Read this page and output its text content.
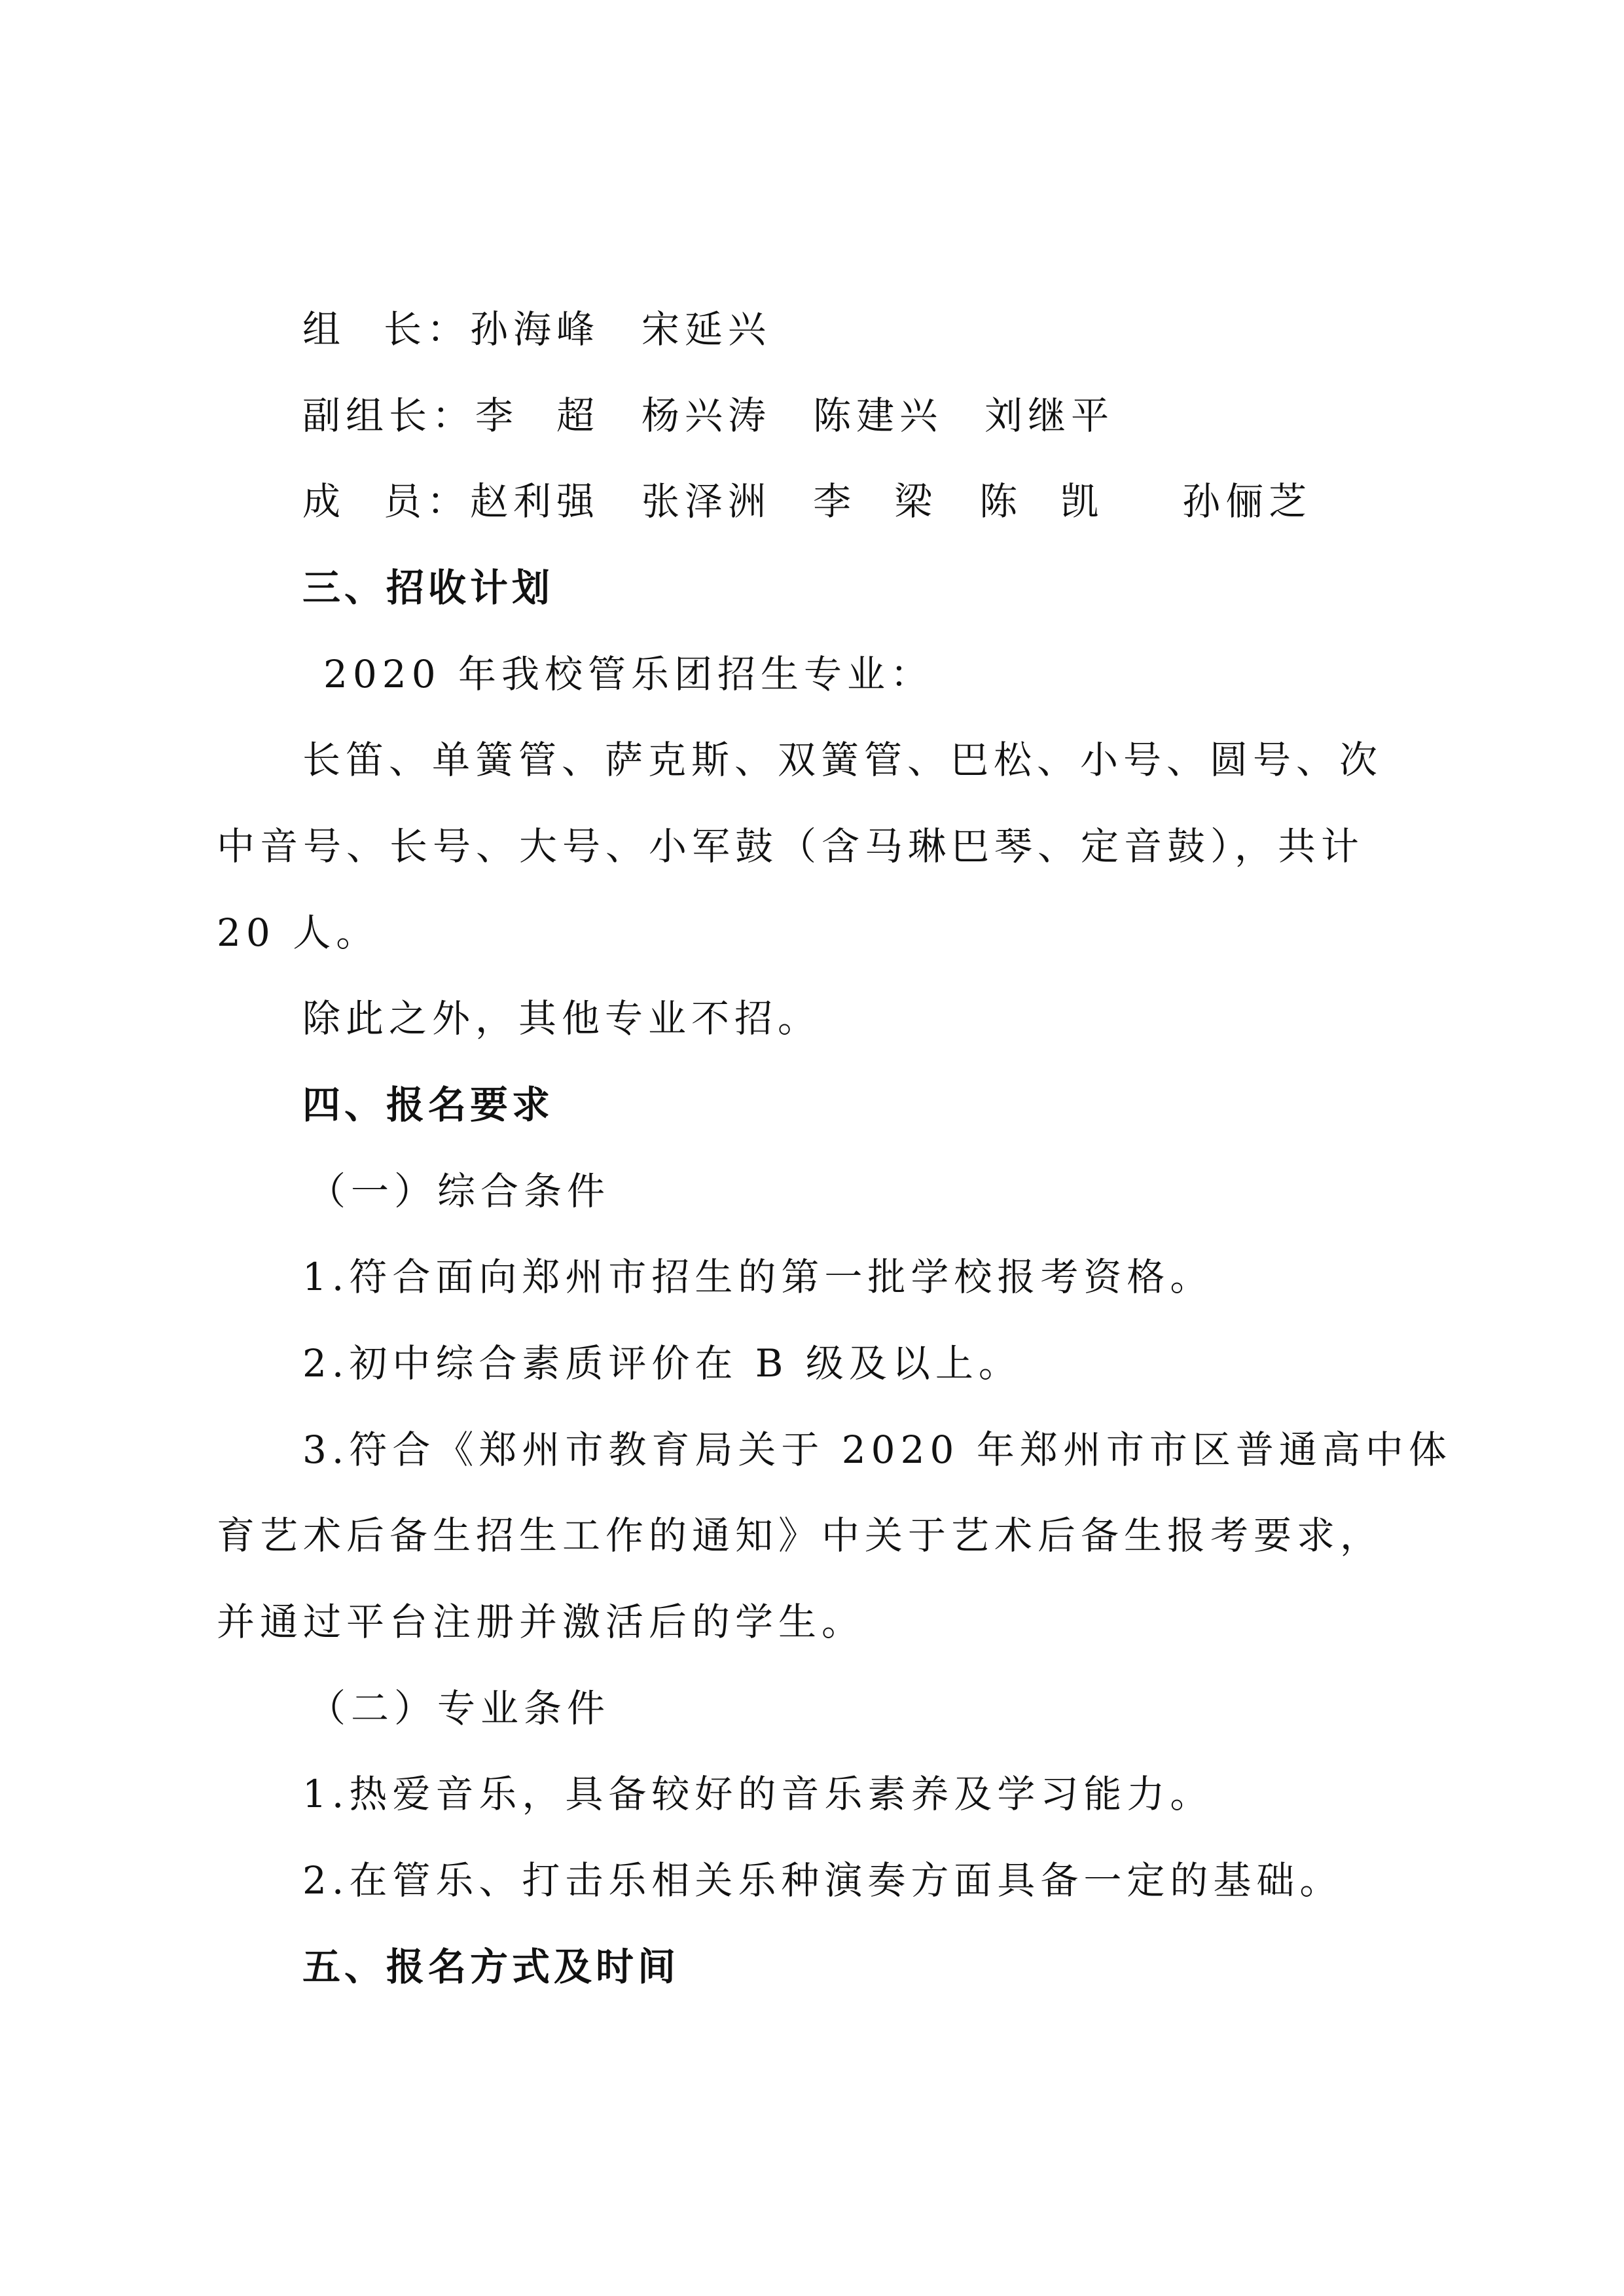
组 长：孙海峰 宋延兴
副组长：李 超 杨兴涛 陈建兴 刘继平
成 员：赵利强 张泽洲 李 梁 陈 凯 孙俪芝
三、招收计划
2020 年我校管乐团招生专业：
长笛、单簧管、萨克斯、双簧管、巴松、小号、圆号、次
中音号、长号、大号、小军鼓（含马琳巴琴、定音鼓），共计
20 人。
除此之外，其他专业不招。
四、报名要求
（一）综合条件
1.符合面向郑州市招生的第一批学校报考资格。
2.初中综合素质评价在 B 级及以上。
3.符合《郑州市教育局关于 2020 年郑州市市区普通高中体
育艺术后备生招生工作的通知》中关于艺术后备生报考要求，
并通过平台注册并激活后的学生。
（二）专业条件
1.热爱音乐，具备较好的音乐素养及学习能力。
2.在管乐、打击乐相关乐种演奏方面具备一定的基础。
五、报名方式及时间
